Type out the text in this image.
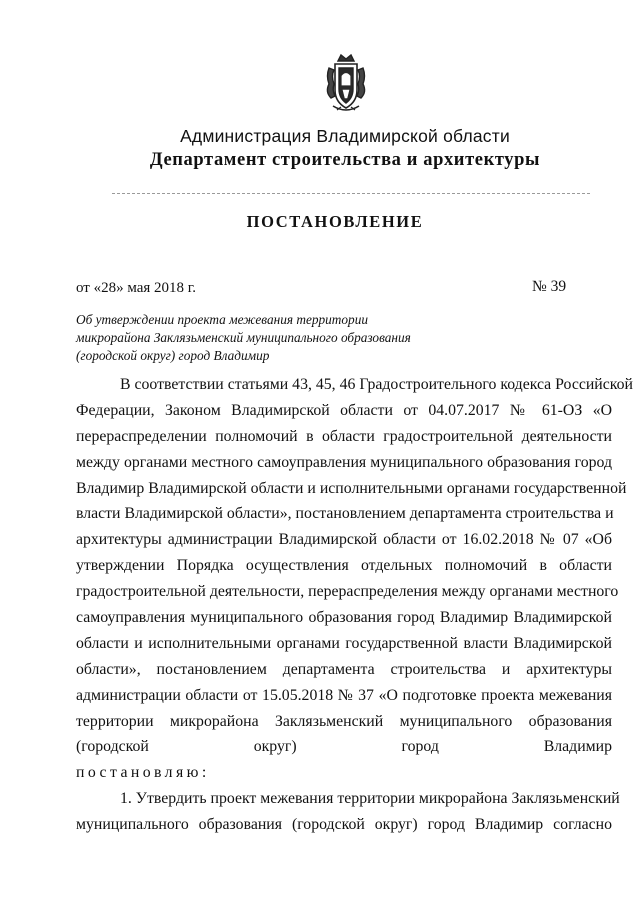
Администрация Владимирской области
Департамент строительства и архитектуры
ПОСТАНОВЛЕНИЕ
от «28» мая 2018 г.	№ 39
Об утверждении проекта межевания территории
микрорайона Заклязьменский муниципального образования
(городской округ) город Владимир
В соответствии статьями 43, 45, 46 Градостроительного кодекса Российской
Федерации, Законом Владимирской области от 04.07.2017 № 61-ОЗ «О
перераспределении полномочий в области градостроительной деятельности
между органами местного самоуправления муниципального образования город
Владимир Владимирской области и исполнительными органами государственной
власти Владимирской области», постановлением департамента строительства и
архитектуры администрации Владимирской области от 16.02.2018 № 07 «Об
утверждении Порядка осуществления отдельных полномочий в области
градостроительной деятельности, перераспределения между органами местного
самоуправления муниципального образования город Владимир Владимирской
области и исполнительными органами государственной власти Владимирской
области», постановлением департамента строительства и архитектуры
администрации области от 15.05.2018 № 37 «О подготовке проекта межевания
территории микрорайона Заклязьменский муниципального образования
(городской округ) город Владимир
постановляю:
1. Утвердить проект межевания территории микрорайона Заклязьменский
муниципального образования (городской округ) город Владимир согласно
